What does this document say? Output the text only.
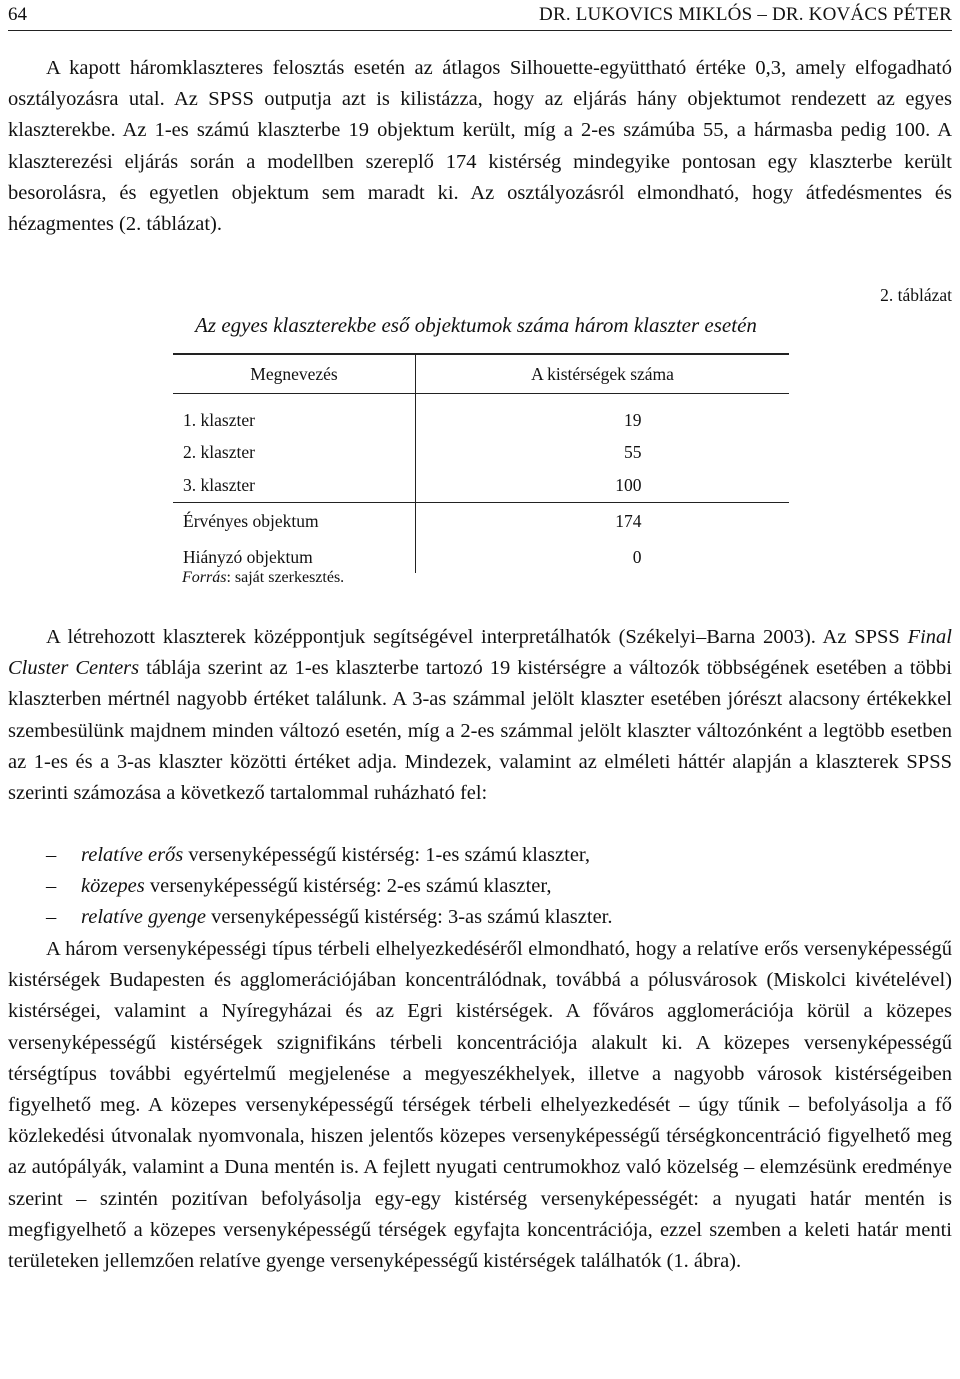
64	DR. LUKOVICS MIKLÓS – DR. KOVÁCS PÉTER

A kapott háromklaszteres felosztás esetén az átlagos Silhouette-együttható értéke 0,3, amely elfogadható osztályozásra utal. Az SPSS outputja azt is kilistázza, hogy az eljárás hány objektumot rendezett az egyes klaszterekbe. Az 1-es számú klaszterbe 19 objektum került, míg a 2-es számúba 55, a hármasba pedig 100. A klaszterezési eljárás során a modellben szereplő 174 kistérség mindegyike pontosan egy klaszterbe került besorolásra, és egyetlen objektum sem maradt ki. Az osztályozásról elmondható, hogy átfedésmentes és hézagmentes (2. táblázat).

2. táblázat
Az egyes klaszterekbe eső objektumok száma három klaszter esetén
Megnevezés	A kistérségek száma

1. klaszter	19
2. klaszter	55
3. klaszter	100
Érvényes objektum	174
Hiányzó objektum	0
Forrás: saját szerkesztés.
A létrehozott klaszterek középpontjuk segítségével interpretálhatók (Székelyi–Barna 2003). Az SPSS Final Cluster Centers táblája szerint az 1-es klaszterbe tartozó 19 kistérségre a változók többségének esetében a többi klaszterben mértnél nagyobb értéket találunk. A 3-as számmal jelölt klaszter esetében jórészt alacsony értékekkel szembesülünk majdnem minden változó esetén, míg a 2-es számmal jelölt klaszter változónként a legtöbb esetben az 1-es és a 3-as klaszter közötti értéket adja. Mindezek, valamint az elméleti háttér alapján a klaszterek SPSS szerinti számozása a következő tartalommal ruházható fel:
– relatíve erős versenyképességű kistérség: 1-es számú klaszter,
– közepes versenyképességű kistérség: 2-es számú klaszter,
– relatíve gyenge versenyképességű kistérség: 3-as számú klaszter.

A három versenyképességi típus térbeli elhelyezkedéséről elmondható, hogy a relatíve erős versenyképességű kistérségek Budapesten és agglomerációjában koncentrálódnak, továbbá a pólusvárosok (Miskolci kivételével) kistérségei, valamint a Nyíregyházai és az Egri kistérségek. A főváros agglomerációja körül a közepes versenyképességű kistérségek szignifikáns térbeli koncentrációja alakult ki. A közepes versenyképességű térségtípus további egyértelmű megjelenése a megyeszékhelyek, illetve a nagyobb városok kistérségeiben figyelhető meg. A közepes versenyképességű térségek térbeli elhelyezkedését – úgy tűnik – befolyásolja a fő közlekedési útvonalak nyomvonala, hiszen jelentős közepes versenyképességű térségkoncentráció figyelhető meg az autópályák, valamint a Duna mentén is. A fejlett nyugati centrumokhoz való közelség – elemzésünk eredménye szerint – szintén pozitívan befolyásolja egy-egy kistérség versenyképességét: a nyugati határ mentén is megfigyelhető a közepes versenyképességű térségek egyfajta koncentrációja, ezzel szemben a keleti határ menti területeken jellemzően relatíve gyenge versenyképességű kistérségek találhatók (1. ábra).
